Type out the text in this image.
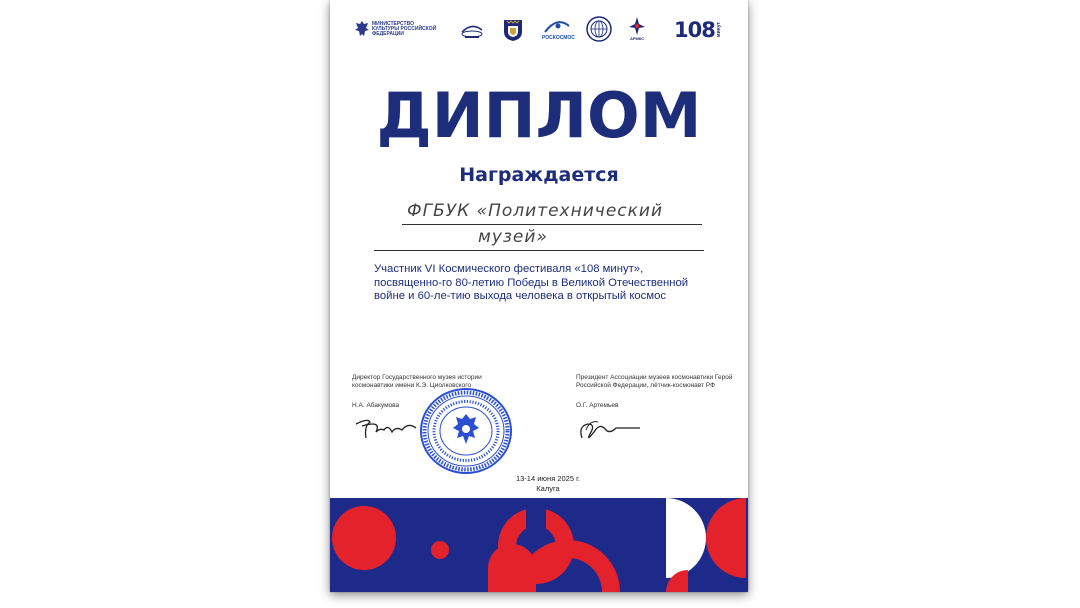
МИНИСТЕРСТВО КУЛЬТУРЫ РОССИЙСКОЙ ФЕДЕРАЦИИ
РОСКОСМОС	АРМКС 108 минут
ДИПЛОМ
Награждается
ФГБУК «Политехнический
музей»
Участник VI Космического фестиваля «108 минут», посвященно-го 80-летию Победы в Великой Отечественной войне и 60-ле-тию выхода человека в открытый космос
Директор Государственного музея истории космонавтики имени К.Э. Циолковского
Н.А. Абакумова
Президент Ассоциации музеев космонавтики Герой Российской Федерации, лётчик-космонавт РФ
О.Г. Артемьев
13-14 июня 2025 г.
Калуга
